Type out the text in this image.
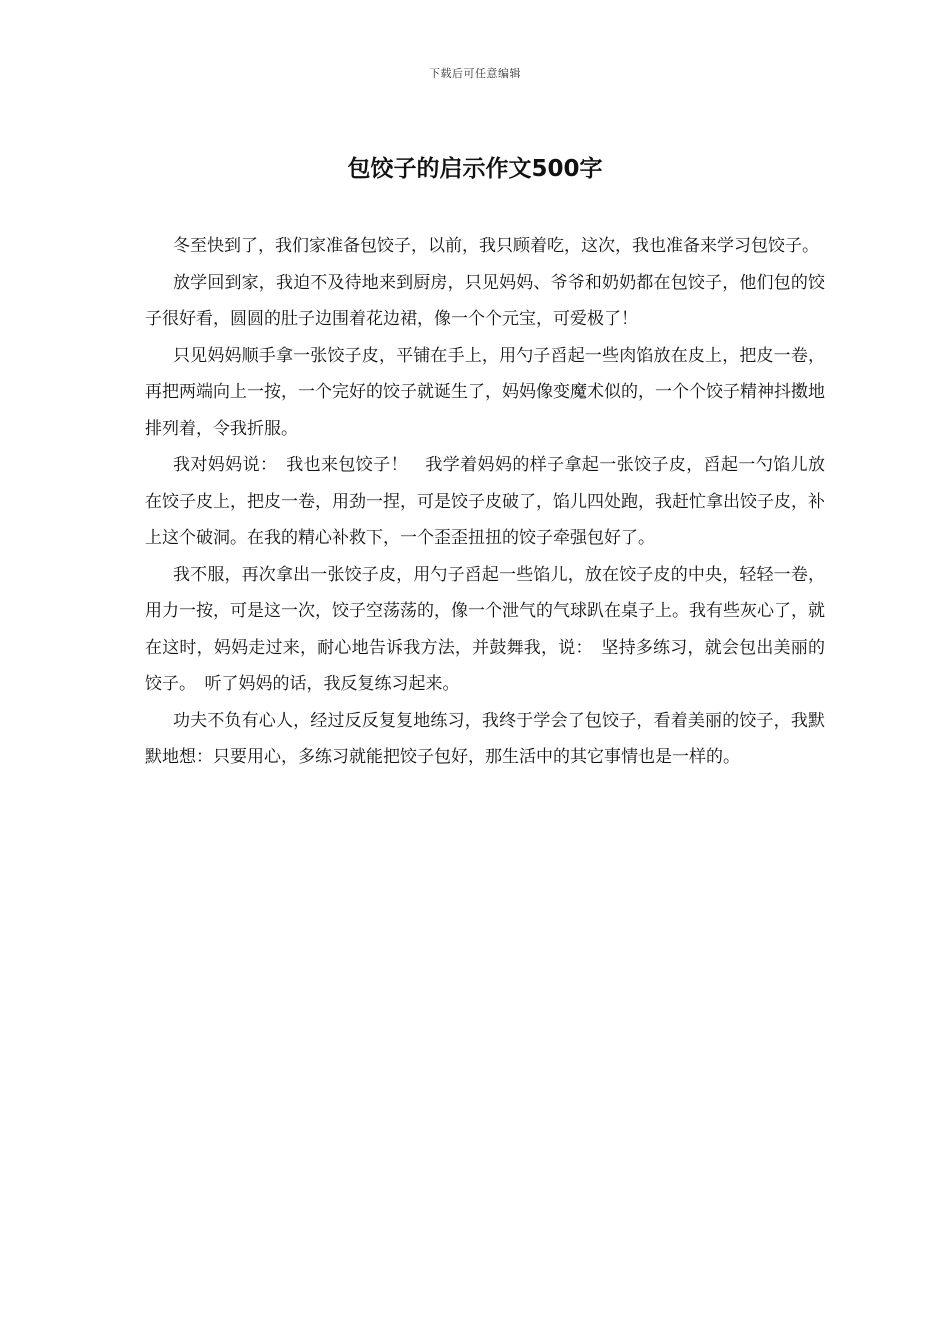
下载后可任意编辑
包饺子的启示作文500字

冬至快到了，我们家准备包饺子，以前，我只顾着吃，这次，我也准备来学习包饺子。

放学回到家，我迫不及待地来到厨房，只见妈妈、爷爷和奶奶都在包饺子，他们包的饺子很好看，圆圆的肚子边围着花边裙，像一个个元宝，可爱极了！

只见妈妈顺手拿一张饺子皮，平铺在手上，用勺子舀起一些肉馅放在皮上，把皮一卷，再把两端向上一按，一个完好的饺子就诞生了，妈妈像变魔术似的，一个个饺子精神抖擞地排列着，令我折服。

我对妈妈说：　我也来包饺子！　我学着妈妈的样子拿起一张饺子皮，舀起一勺馅儿放在饺子皮上，把皮一卷，用劲一捏，可是饺子皮破了，馅儿四处跑，我赶忙拿出饺子皮，补上这个破洞。在我的精心补救下，一个歪歪扭扭的饺子牵强包好了。

我不服，再次拿出一张饺子皮，用勺子舀起一些馅儿，放在饺子皮的中央，轻轻一卷，用力一按，可是这一次，饺子空荡荡的，像一个泄气的气球趴在桌子上。我有些灰心了，就在这时，妈妈走过来，耐心地告诉我方法，并鼓舞我，说：　坚持多练习，就会包出美丽的饺子。　听了妈妈的话，我反复练习起来。

功夫不负有心人，经过反反复复地练习，我终于学会了包饺子，看着美丽的饺子，我默默地想：只要用心，多练习就能把饺子包好，那生活中的其它事情也是一样的。
